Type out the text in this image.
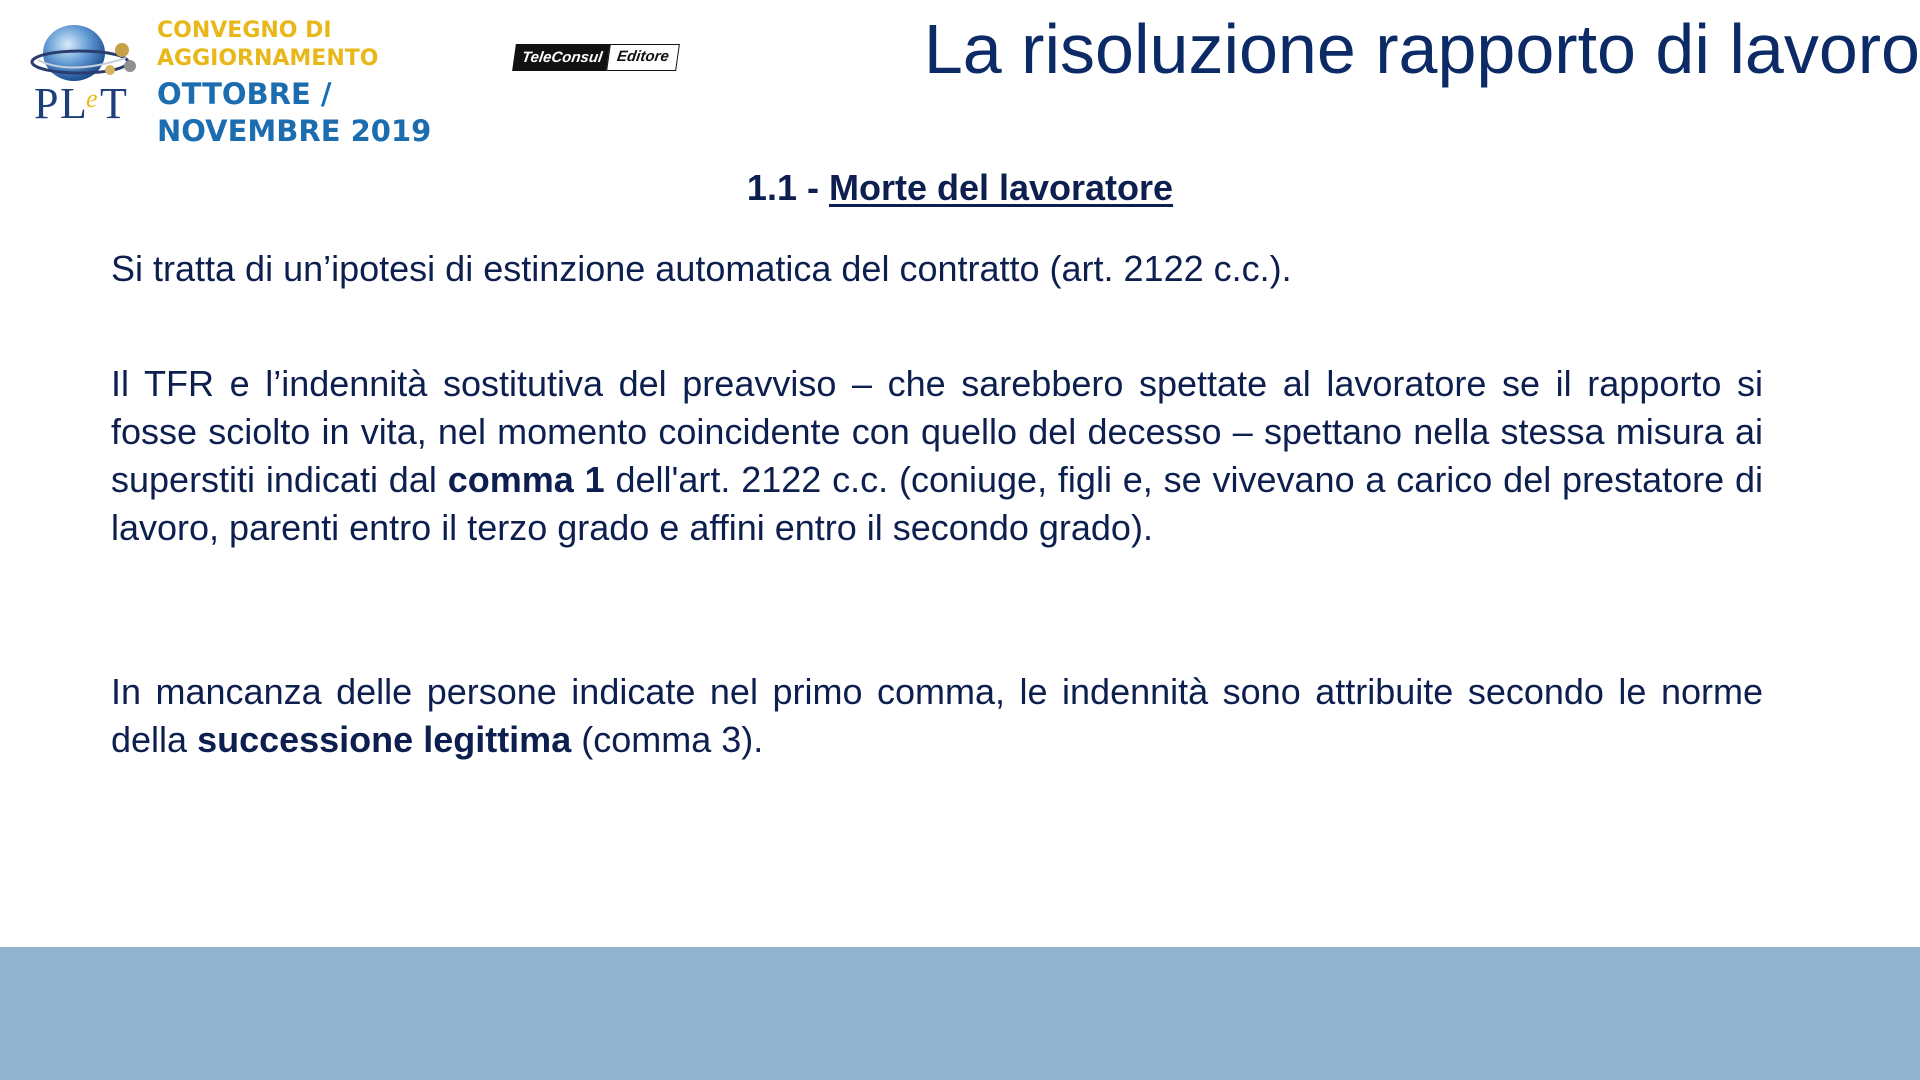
P L e T
CONVEGNO DI
AGGIORNAMENTO
OTTOBRE /
NOVEMBRE 2019
TeleConsul Editore	La risoluzione rapporto di lavoro
1.1 - Morte del lavoratore
Si tratta di un’ipotesi di estinzione automatica del contratto (art. 2122 c.c.).
Il TFR e l’indennità sostitutiva del preavviso – che sarebbero spettate al lavoratore se il rapporto si fosse sciolto in vita, nel momento coincidente con quello del decesso – spettano nella stessa misura ai superstiti indicati dal comma 1 dell'art. 2122 c.c. (coniuge, figli e, se vivevano a carico del prestatore di lavoro, parenti entro il terzo grado e affini entro il secondo grado).
In mancanza delle persone indicate nel primo comma, le indennità sono attribuite secondo le norme della successione legittima (comma 3).
